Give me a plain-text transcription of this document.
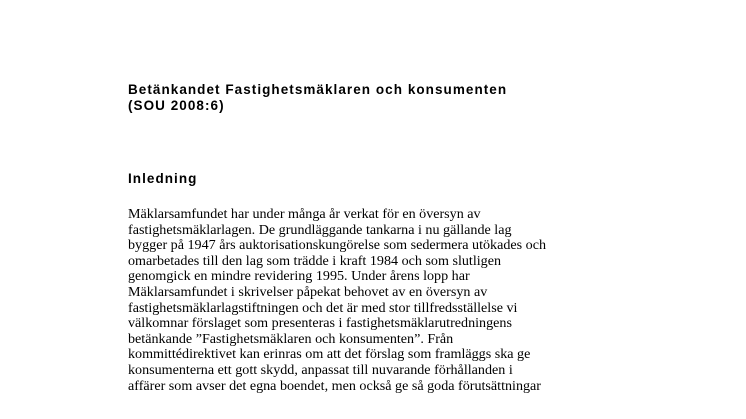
Betänkandet Fastighetsmäklaren och konsumenten
(SOU 2008:6)
Inledning

Mäklarsamfundet har under många år verkat för en översyn av
fastighetsmäklarlagen. De grundläggande tankarna i nu gällande lag
bygger på 1947 års auktorisationskungörelse som sedermera utökades och
omarbetades till den lag som trädde i kraft 1984 och som slutligen
genomgick en mindre revidering 1995. Under årens lopp har
Mäklarsamfundet i skrivelser påpekat behovet av en översyn av
fastighetsmäklarlagstiftningen och det är med stor tillfredsställelse vi
välkomnar förslaget som presenteras i fastighetsmäklarutredningens
betänkande ”Fastighetsmäklaren och konsumenten”. Från
kommittédirektivet kan erinras om att det förslag som framläggs ska ge
konsumenterna ett gott skydd, anpassat till nuvarande förhållanden i
affärer som avser det egna boendet, men också ge så goda förutsättningar
